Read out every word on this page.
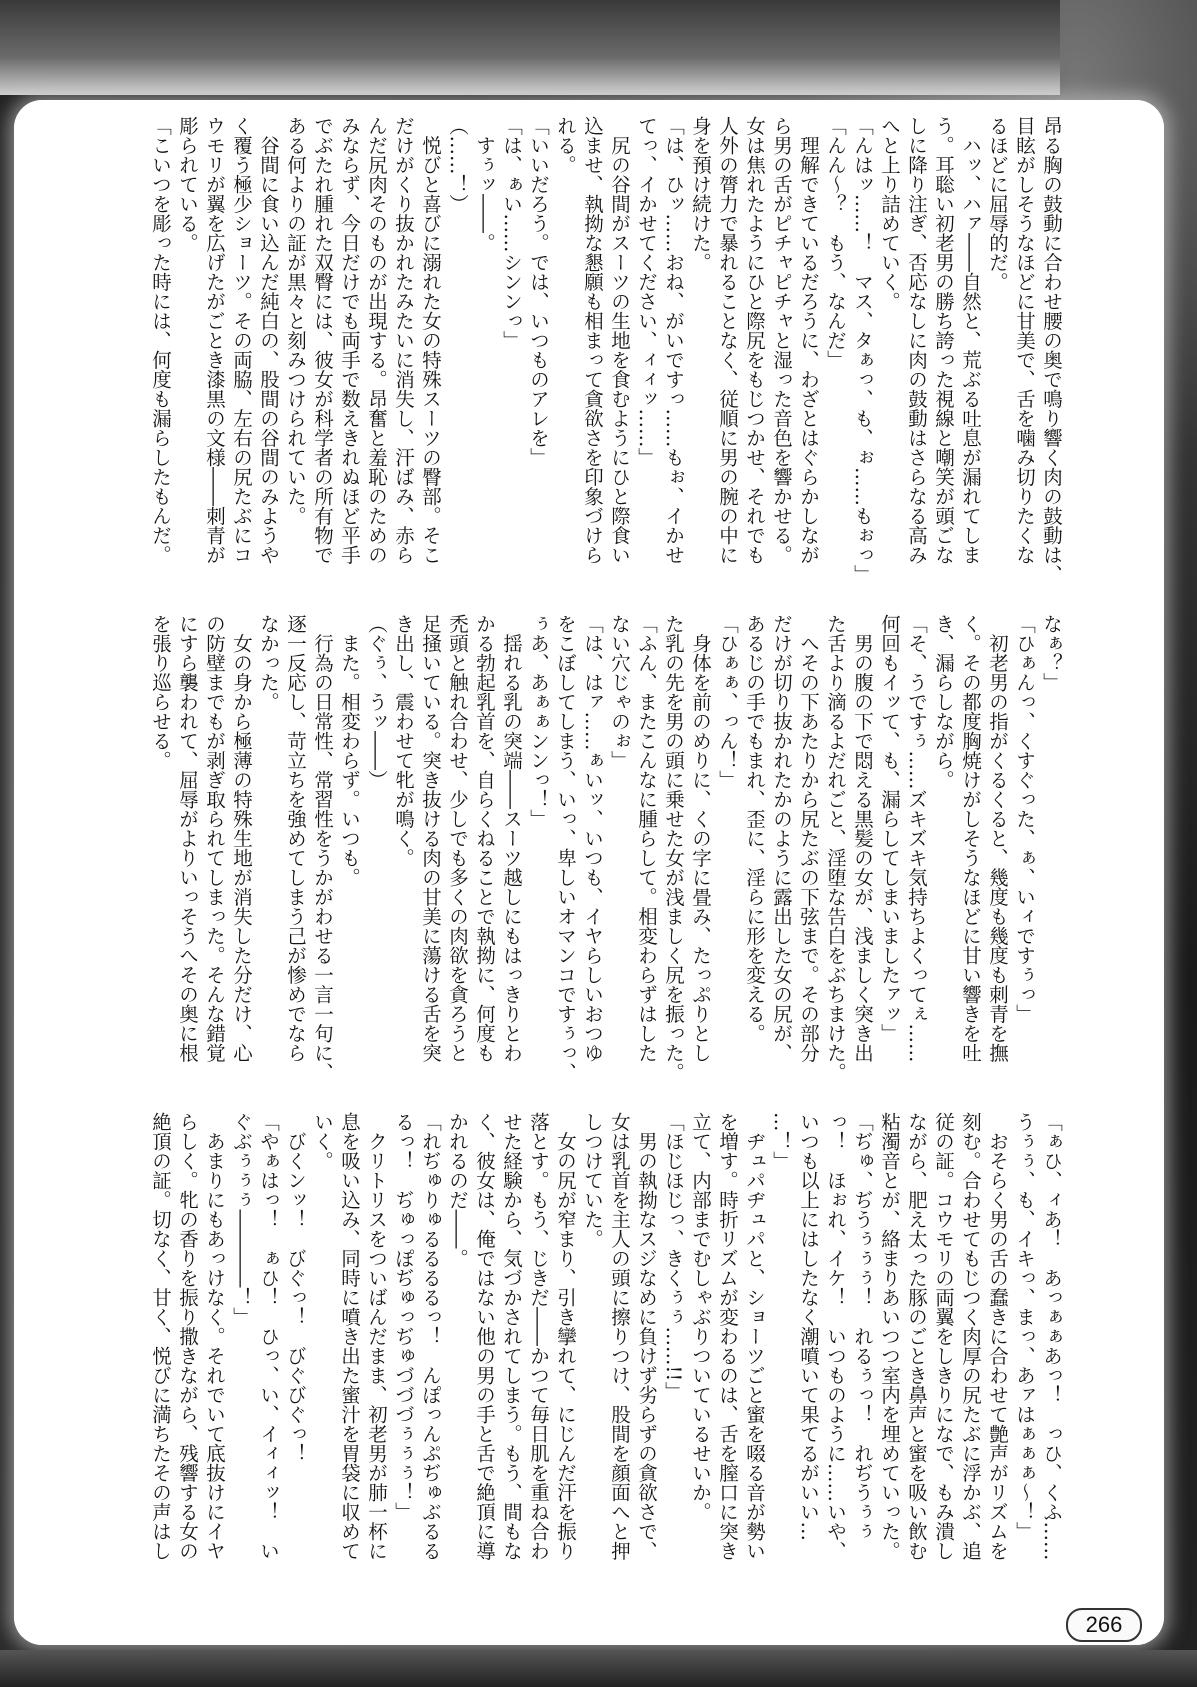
昂る胸の鼓動に合わせ腰の奥で鳴り響く肉の鼓動は、
目眩がしそうなほどに甘美で、舌を噛み切りたくな
るほどに屈辱的だ。
　ハッ、ハァ――自然と、荒ぶる吐息が漏れてしま
う。耳聡い初老男の勝ち誇った視線と嘲笑が頭ごな
しに降り注ぎ、否応なしに肉の鼓動はさらなる高み
へと上り詰めていく。
「んはッ……！　マス、タぁっ、も、ぉ……もぉっ」
「んん～？　もう、なんだ」
　理解できているだろうに、わざとはぐらかしなが
ら男の舌がピチャピチャと湿った音色を響かせる。
女は焦れたようにひと際尻をもじつかせ、それでも
人外の膂力で暴れることなく、従順に男の腕の中に
身を預け続けた。
「は、ひッ……おね、がいですっ……もぉ、イかせ
てっ、イかせてください、ィィッ……」
　尻の谷間がスーツの生地を食むようにひと際食い
込ませ、執拗な懇願も相まって貪欲さを印象づけら
れる。
「いいだろう。では、いつものアレを」
「は、ぁい……シンンっ」
　すぅッ――。
（……！）
　悦びと喜びに溺れた女の特殊スーツの臀部。そこ
だけがくり抜かれたみたいに消失し、汗ばみ、赤ら
んだ尻肉そのものが出現する。昂奮と羞恥のための
みならず、今日だけでも両手で数えきれぬほど平手
でぶたれ腫れた双臀には、彼女が科学者の所有物で
ある何よりの証が黒々と刻みつけられていた。
　谷間に食い込んだ純白の、股間の谷間のみようや
く覆う極少ショーツ。その両脇、左右の尻たぶにコ
ウモリが翼を広げたがごとき漆黒の文様――刺青が
彫られている。
「こいつを彫った時には、何度も漏らしたもんだ。
なぁ？」
「ひぁんっ、くすぐった、ぁ、いィですぅっ」
　初老男の指がくるくると、幾度も幾度も刺青を撫
く。その都度胸焼けがしそうなほどに甘い響きを吐
き、漏らしながら。
「そ、うですぅ……ズキズキ気持ちよくってぇ……
何回もイッて、も、漏らしてしまいましたァッ」
　男の腹の下で悶える黒髪の女が、浅ましく突き出
た舌より滴るよだれごと、淫堕な告白をぶちまけた。
　へその下あたりから尻たぶの下弦まで。その部分
だけが切り抜かれたかのように露出した女の尻が、
あるじの手でもまれ、歪に、淫らに形を変える。
「ひぁぁ、っん！」
　身体を前のめりに、くの字に畳み、たっぷりとし
た乳の先を男の頭に乗せた女が浅ましく尻を振った。
「ふん、またこんなに腫らして。相変わらずはした
ない穴じゃのぉ」
「は、はァ……ぁいッ、いつも、イヤらしいおつゆ
をこぼしてしまう、いっ、卑しいオマンコですぅっ、
ぅあ、あぁぁンンっ！」
　揺れる乳の突端――スーツ越しにもはっきりとわ
かる勃起乳首を、自らくねることで執拗に、何度も
禿頭と触れ合わせ、少しでも多くの肉欲を貪ろうと
足掻いている。突き抜ける肉の甘美に蕩ける舌を突
き出し、震わせて牝が鳴く。
（ぐぅ、うッ――）
　また。相変わらず。いつも。
　行為の日常性、常習性をうかがわせる一言一句に、
逐一反応し、苛立ちを強めてしまう己が惨めでなら
なかった。
　女の身から極薄の特殊生地が消失した分だけ、心
の防壁までもが剥ぎ取られてしまった。そんな錯覚
にすら襲われて、屈辱がよりいっそうへその奥に根
を張り巡らせる。
「ぁひ、ィあ！　あっぁぁあっ！　っひ、くふ……
うぅぅ、も、イキっ、まっ、あァはぁぁぁ～！」
　おそらく男の舌の蠢きに合わせて艶声がリズムを
刻む。合わせてもじつく肉厚の尻たぶに浮かぶ、追
従の証。コウモリの両翼をしきりになで、もみ潰し
ながら、肥え太った豚のごとき鼻声と蜜を吸い飲む
粘濁音とが、絡まりあいつつ室内を埋めていった。
「ぢゅ、ぢうぅぅぅ！　れるぅっ！　れぢうぅぅ
っ！　ほぉれ、イケ！　いつものように……いや、
いつも以上にはしたなく潮噴いて果てるがいい…
…！」
　ヂュパヂュパと、ショーツごと蜜を啜る音が勢い
を増す。時折リズムが変わるのは、舌を膣口に突き
立て、内部までむしゃぶりついているせいか。
「ほじほじっ、きくぅぅ……!!」
　男の執拗なスジなめに負けず劣らずの貪欲さで、
女は乳首を主人の頭に擦りつけ、股間を顔面へと押
しつけていた。
　女の尻が窄まり、引き攣れて、にじんだ汗を振り
落とす。もう、じきだ――かつて毎日肌を重ね合わ
せた経験から、気づかされてしまう。もう、間もな
く、彼女は、俺ではない他の男の手と舌で絶頂に導
かれるのだ――。
「れぢゅりゅるるるるっ！　んぽっんぷぢゅぶるる
るっ！　ぢゅっぽぢゅっぢゅづづづぅぅぅ！」
　クリトリスをついばんだまま、初老男が肺一杯に
息を吸い込み、同時に噴き出た蜜汁を胃袋に収めて
いく。
　びくンッ！　びぐっ！　びぐびぐっ！
「やぁはっ！　ぁひ！　ひっ、い、イィィッ！　い
ぐぶぅぅぅ――――！」
　あまりにもあっけなく。それでいて底抜けにイヤ
らしく。牝の香りを振り撒きながら、残響する女の
絶頂の証。切なく、甘く、悦びに満ちたその声はし
266
